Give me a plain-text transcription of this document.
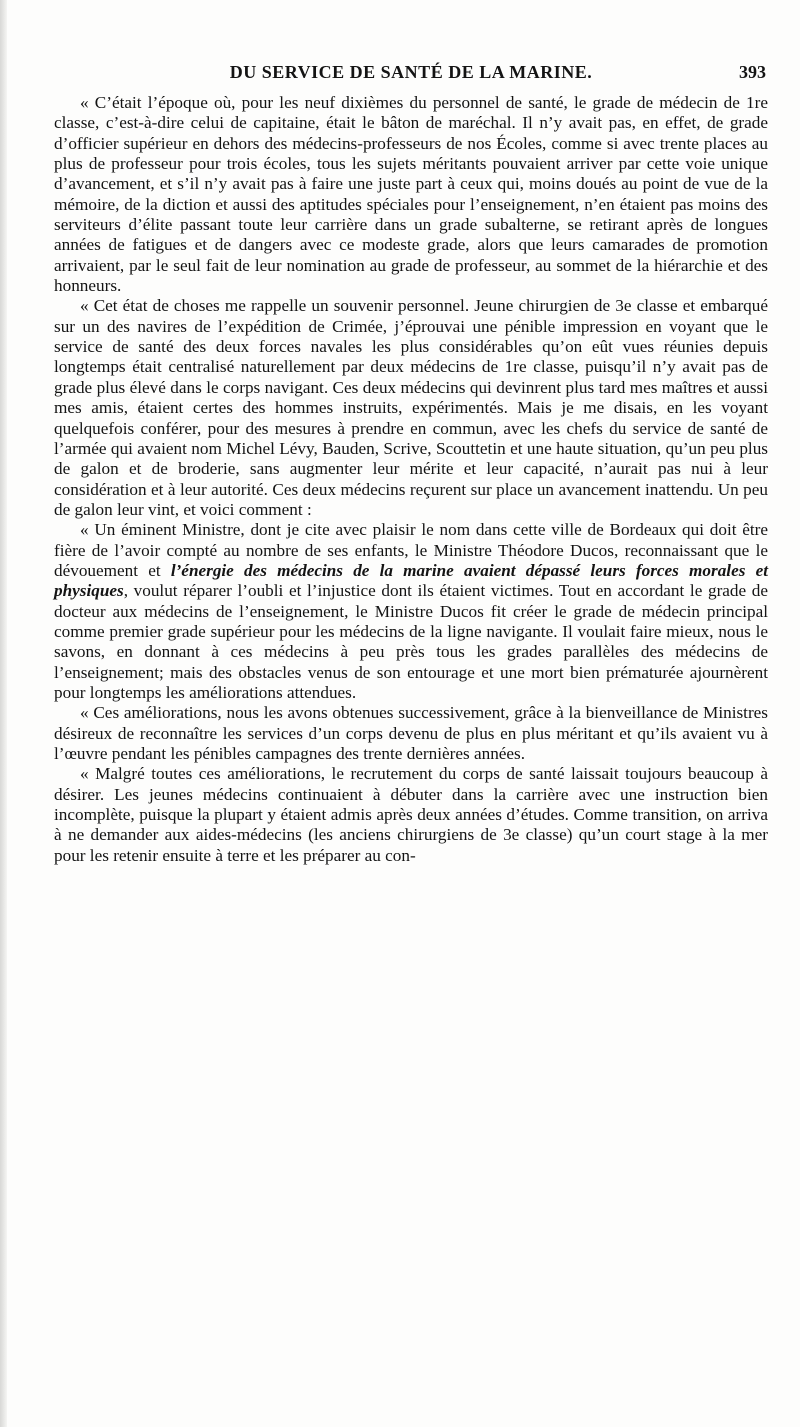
DU SERVICE DE SANTÉ DE LA MARINE.	393

« C’était l’époque où, pour les neuf dixièmes du personnel de santé, le grade de médecin de 1re classe, c’est-à-dire celui de capitaine, était le bâton de maréchal. Il n’y avait pas, en effet, de grade d’officier supérieur en dehors des médecins-professeurs de nos Écoles, comme si avec trente places au plus de professeur pour trois écoles, tous les sujets méritants pouvaient arriver par cette voie unique d’avancement, et s’il n’y avait pas à faire une juste part à ceux qui, moins doués au point de vue de la mémoire, de la diction et aussi des aptitudes spéciales pour l’enseignement, n’en étaient pas moins des serviteurs d’élite passant toute leur carrière dans un grade subalterne, se retirant après de longues années de fatigues et de dangers avec ce modeste grade, alors que leurs camarades de promotion arrivaient, par le seul fait de leur nomination au grade de professeur, au sommet de la hiérarchie et des honneurs.

« Cet état de choses me rappelle un souvenir personnel. Jeune chirurgien de 3e classe et embarqué sur un des navires de l’expédition de Crimée, j’éprouvai une pénible impression en voyant que le service de santé des deux forces navales les plus considérables qu’on eût vues réunies depuis longtemps était centralisé naturellement par deux médecins de 1re classe, puisqu’il n’y avait pas de grade plus élevé dans le corps navigant. Ces deux médecins qui devinrent plus tard mes maîtres et aussi mes amis, étaient certes des hommes instruits, expérimentés. Mais je me disais, en les voyant quelquefois conférer, pour des mesures à prendre en commun, avec les chefs du service de santé de l’armée qui avaient nom Michel Lévy, Bauden, Scrive, Scouttetin et une haute situation, qu’un peu plus de galon et de broderie, sans augmenter leur mérite et leur capacité, n’aurait pas nui à leur considération et à leur autorité. Ces deux médecins reçurent sur place un avancement inattendu. Un peu de galon leur vint, et voici comment :

« Un éminent Ministre, dont je cite avec plaisir le nom dans cette ville de Bordeaux qui doit être fière de l’avoir compté au nombre de ses enfants, le Ministre Théodore Ducos, reconnaissant que le dévouement et l’énergie des médecins de la marine avaient dépassé leurs forces morales et physiques, voulut réparer l’oubli et l’injustice dont ils étaient victimes. Tout en accordant le grade de docteur aux médecins de l’enseignement, le Ministre Ducos fit créer le grade de médecin principal comme premier grade supérieur pour les médecins de la ligne navigante. Il voulait faire mieux, nous le savons, en donnant à ces médecins à peu près tous les grades parallèles des médecins de l’enseignement; mais des obstacles venus de son entourage et une mort bien prématurée ajournèrent pour longtemps les améliorations attendues.

« Ces améliorations, nous les avons obtenues successivement, grâce à la bienveillance de Ministres désireux de reconnaître les services d’un corps devenu de plus en plus méritant et qu’ils avaient vu à l’œuvre pendant les pénibles campagnes des trente dernières années.

« Malgré toutes ces améliorations, le recrutement du corps de santé laissait toujours beaucoup à désirer. Les jeunes médecins continuaient à débuter dans la carrière avec une instruction bien incomplète, puisque la plupart y étaient admis après deux années d’études. Comme transition, on arriva à ne demander aux aides-médecins (les anciens chirurgiens de 3e classe) qu’un court stage à la mer pour les retenir ensuite à terre et les préparer au con-
